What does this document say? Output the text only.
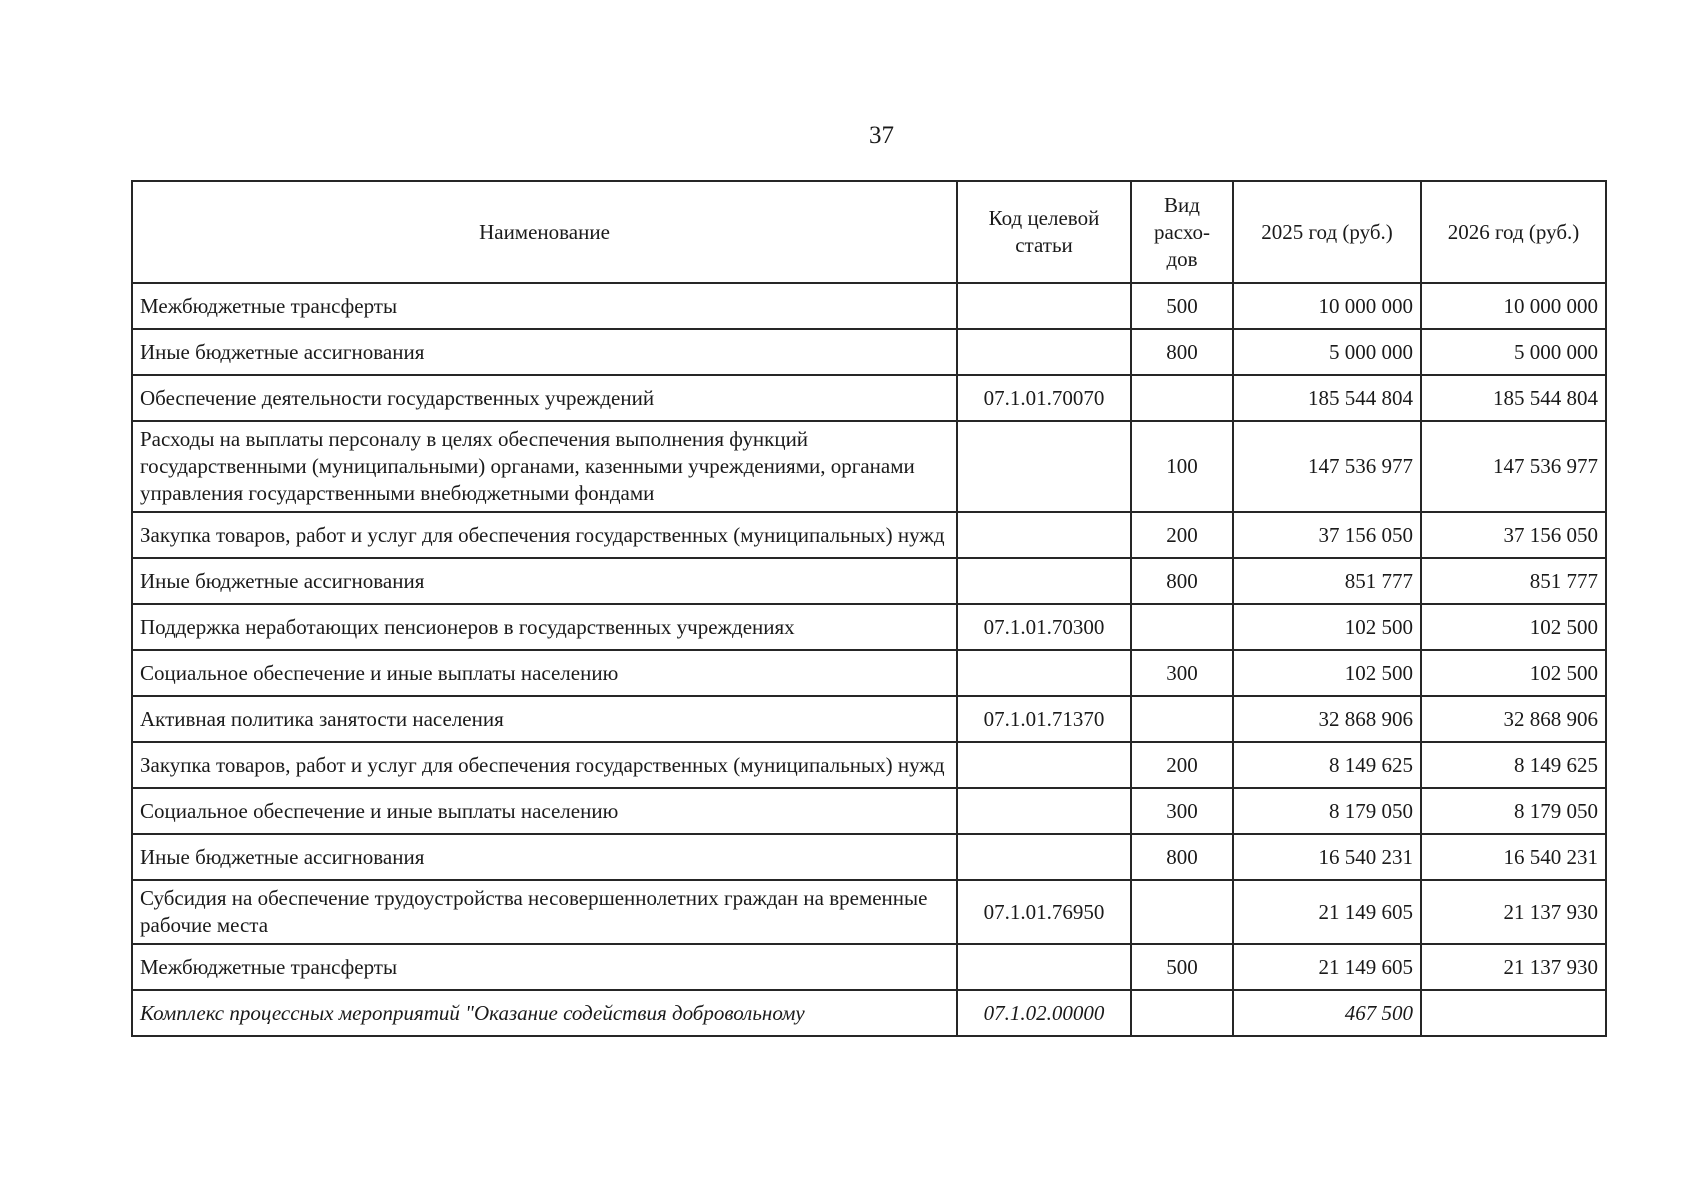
37
Наименование	Код целевой статьи	Вид расхо-дов	2025 год (руб.)	2026 год (руб.)
Межбюджетные трансферты		500	10 000 000	10 000 000
Иные бюджетные ассигнования		800	5 000 000	5 000 000
Обеспечение деятельности государственных учреждений	07.1.01.70070		185 544 804	185 544 804
Расходы на выплаты персоналу в целях обеспечения выполнения функций государственными (муниципальными) органами, казенными учреждениями, органами управления государственными внебюджетными фондами		100	147 536 977	147 536 977
Закупка товаров, работ и услуг для обеспечения государственных (муниципальных) нужд		200	37 156 050	37 156 050
Иные бюджетные ассигнования		800	851 777	851 777
Поддержка неработающих пенсионеров в государственных учреждениях	07.1.01.70300		102 500	102 500
Социальное обеспечение и иные выплаты населению		300	102 500	102 500
Активная политика занятости населения	07.1.01.71370		32 868 906	32 868 906
Закупка товаров, работ и услуг для обеспечения государственных (муниципальных) нужд		200	8 149 625	8 149 625
Социальное обеспечение и иные выплаты населению		300	8 179 050	8 179 050
Иные бюджетные ассигнования		800	16 540 231	16 540 231
Субсидия на обеспечение трудоустройства несовершеннолетних граждан на временные рабочие места	07.1.01.76950		21 149 605	21 137 930
Межбюджетные трансферты		500	21 149 605	21 137 930
Комплекс процессных мероприятий "Оказание содействия добровольному	07.1.02.00000		467 500	
